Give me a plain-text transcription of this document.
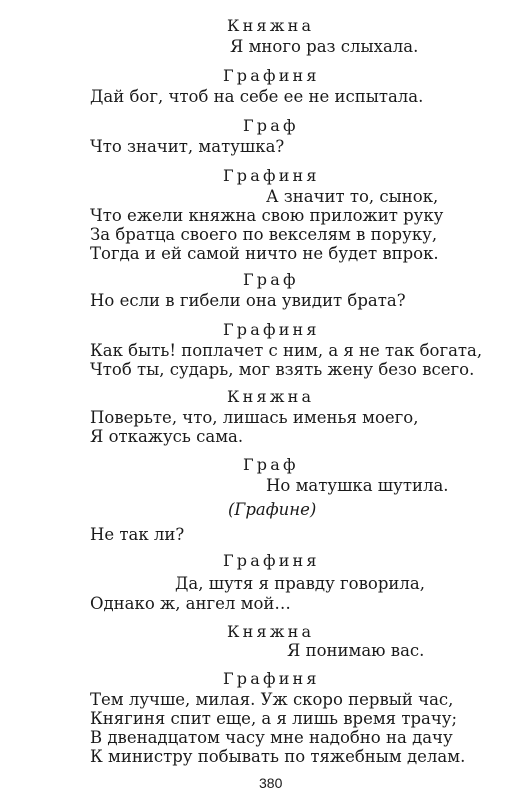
Княжна
Я много раз слыхала.
Графиня
Дай бог, чтоб на себе ее не испытала.
Граф
Что значит, матушка?
Графиня
А значит то, сынок,
Что ежели княжна свою приложит руку
За братца своего по векселям в поруку,
Тогда и ей самой ничто не будет впрок.
Граф
Но если в гибели она увидит брата?
Графиня
Как быть! поплачет с ним, а я не так богата,
Чтоб ты, сударь, мог взять жену безо всего.
Княжна
Поверьте, что, лишась именья моего,
Я откажусь сама.
Граф
Но матушка шутила.
(Графине)
Не так ли?
Графиня
Да, шутя я правду говорила,
Однако ж, ангел мой…
Княжна
Я понимаю вас.
Графиня
Тем лучше, милая. Уж скоро первый час,
Княгиня спит еще, а я лишь время трачу;
В двенадцатом часу мне надобно на дачу
К министру побывать по тяжебным делам.
380
